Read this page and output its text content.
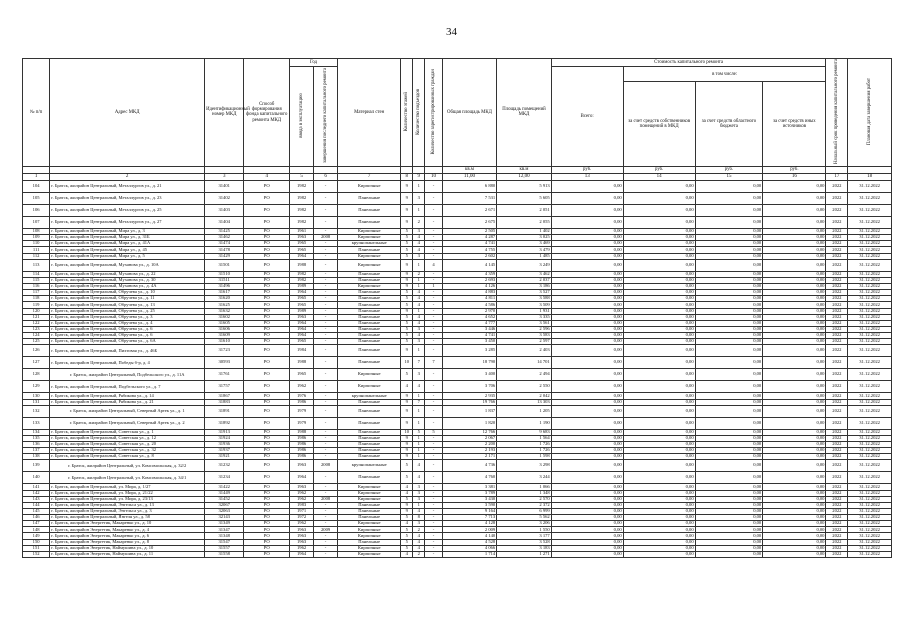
34
№ п/п	Адрес МКД	Идентификационный номер МКД	Способ формирования фонда капитального ремонта МКД	Год		Материал стен	Количество этажей	Количество подъездов	Количество зарегистрированных граждан	Общая площадь МКД	Площадь помещений МКД	Стоимость капитального ремонта				Начальный срок проведения капитального ремонта	Плановая дата завершения работ
				ввода в эксплуатацию	завершения последнего капитального ремонта							Всего:	в том числе:				
													за счет средств собственников помещений в МКД	за счет средств областного бюджета	за счет средств иных источников		
										кв.м	кв.м	руб.	руб.	руб.	руб.		
1	2	3	4	5	6	7	8	9	10	11,00	12,00	13	14	15	16	17	18
104	г. Братск, жилрайон Центральный, Металлургов ул., д. 21	31401	РО	1982	-	Кирпичные	9	1	-	6 880	5 913	0,00	0,00	0,00	0,00	2022	31.12.2022
105	г. Братск, жилрайон Центральный, Металлургов ул., д. 23	31402	РО	1982	-	Панельные	9	3	-	7 531	5 605	0,00	0,00	0,00	0,00	2022	31.12.2022
106	г. Братск, жилрайон Центральный, Металлургов ул., д. 25	31403	РО	1982	-	Панельные	9	1	-	2 671	2 051	0,00	0,00	0,00	0,00	2022	31.12.2022
107	г. Братск, жилрайон Центральный, Металлургов ул., д. 27	31404	РО	1982	-	Панельные	9	2	-	2 675	2 055	0,00	0,00	0,00	0,00	2022	31.12.2022
108	г. Братск, жилрайон Центральный, Мира ул., д. 3	31425	РО	1961	-	Кирпичные	5	3	-	2 505	1 402	0,00	0,00	0,00	0,00	2022	31.12.2022
109	г. Братск, жилрайон Центральный, Мира ул., д. 31Б	31462	РО	1963	2008	Кирпичные	5	4	-	4 287	3 025	0,00	0,00	0,00	0,00	2022	31.12.2022
110	г. Братск, жилрайон Центральный, Мира ул., д. 41А	31474	РО	1965	-	крупнопанельные	5	4	-	4 741	3 469	0,00	0,00	0,00	0,00	2022	31.12.2022
111	г. Братск, жилрайон Центральный, Мира ул., д. 45	31478	РО	1965	-	Панельные	5	4	-	4 755	3 479	0,00	0,00	0,00	0,00	2022	31.12.2022
112	г. Братск, жилрайон Центральный, Мира ул., д. 5	31429	РО	1964	-	Кирпичные	5	3	-	2 602	1 485	0,00	0,00	0,00	0,00	2022	31.12.2022
113	г. Братск, жилрайон Центральный, Муханова ул., д. 10А	31501	РО	1988	-	Кирпичные	9	1	4	4 145	3 249	0,00	0,00	0,00	0,00	2022	31.12.2022
114	г. Братск, жилрайон Центральный, Муханова ул., д. 22	31510	РО	1982	-	Панельные	9	2	-	4 359	3 462	0,00	0,00	0,00	0,00	2022	31.12.2022
115	г. Братск, жилрайон Центральный, Муханова ул., д. 30	31511	РО	1982	-	Панельные	9	1	-	2 693	2 037	0,00	0,00	0,00	0,00	2022	31.12.2022
116	г. Братск, жилрайон Центральный, Муханова ул., д. 4А	31496	РО	1989	-	Кирпичные	9	1	1	4 126	3 186	0,00	0,00	0,00	0,00	2022	31.12.2022
117	г. Братск, жилрайон Центральный, Обручева ул., д. 10	31617	РО	1964	-	Панельные	5	4	-	4 883	3 527	0,00	0,00	0,00	0,00	2022	31.12.2022
118	г. Братск, жилрайон Центральный, Обручева ул., д. 11	31620	РО	1965	-	Панельные	5	4	-	4 811	3 588	0,00	0,00	0,00	0,00	2022	31.12.2022
119	г. Братск, жилрайон Центральный, Обручева ул., д. 13	31625	РО	1965	-	Панельные	5	4	-	4 586	3 509	0,00	0,00	0,00	0,00	2022	31.12.2022
120	г. Братск, жилрайон Центральный, Обручева ул., д. 25	31632	РО	1989	-	Панельные	9	1	-	2 970	1 931	0,00	0,00	0,00	0,00	2022	31.12.2022
121	г. Братск, жилрайон Центральный, Обручева ул., д. 3	31602	РО	1963	-	Панельные	5	4	-	4 652	3 335	0,00	0,00	0,00	0,00	2022	31.12.2022
122	г. Братск, жилрайон Центральный, Обручева ул., д. 4	31605	РО	1964	-	Панельные	5	4	-	4 777	3 561	0,00	0,00	0,00	0,00	2022	31.12.2022
123	г. Братск, жилрайон Центральный, Обручева ул., д. 6	31606	РО	1964	-	Панельные	5	3	-	3 446	2 596	0,00	0,00	0,00	0,00	2022	31.12.2022
124	г. Братск, жилрайон Центральный, Обручева ул., д. 6	31609	РО	1964	-	Панельные	5	4	-	4 741	3 583	0,00	0,00	0,00	0,00	2022	31.12.2022
125	г. Братск, жилрайон Центральный, Обручева ул., д. 6А	31610	РО	1965	-	Панельные	5	3	-	3 450	2 597	0,00	0,00	0,00	0,00	2022	31.12.2022
126	г. Братск, жилрайон Центральный, Пихтовая ул., д. 46Б	31723	РО	1984	-	Панельные	9	1	-	3 285	2 403	0,00	0,00	0,00	0,00	2022	31.12.2022
127	г. Братск, жилрайон Центральный, Победы б-р, д. 4	30593	РО	1988	-	Панельные	10	7	7	18 790	14 701	0,00	0,00	0,00	0,00	2022	31.12.2022
128	г. Братск, жилрайон Центральный, Подбельского ул., д. 11А	31761	РО	1965	-	Кирпичные	5	3	-	3 400	2 494	0,00	0,00	0,00	0,00	2022	31.12.2022
129	г. Братск, жилрайон Центральный, Подбельского ул., д. 7	31757	РО	1962	-	Кирпичные	4	4	-	3 706	2 550	0,00	0,00	0,00	0,00	2022	31.12.2022
130	г. Братск, жилрайон Центральный, Рябикова ул., д. 14	31867	РО	1976	-	крупнопанельные	9	1	-	2 935	2 042	0,00	0,00	0,00	0,00	2022	31.12.2022
131	г. Братск, жилрайон Центральный, Рябикова ул., д. 21	31883	РО	1986	-	Панельные	9	7	-	19 766	13 303	0,00	0,00	0,00	0,00	2022	31.12.2022
132	г. Братск, жилрайон Центральный, Северный Артек ул., д. 1	31891	РО	1979	-	Панельные	9	1	-	1 837	1 205	0,00	0,00	0,00	0,00	2022	31.12.2022
133	г. Братск, жилрайон Центральный, Северный Артек ул., д. 2	31892	РО	1979	-	Панельные	9	1	-	1 820	1 190	0,00	0,00	0,00	0,00	2022	31.12.2022
134	г. Братск, жилрайон Центральный, Советская ул., д. 1	31913	РО	1988	-	Панельные	10	5	5	12 766	9 683	0,00	0,00	0,00	0,00	2022	31.12.2022
135	г. Братск, жилрайон Центральный, Советская ул., д. 12	31924	РО	1986	-	Панельные	9	1	-	2 067	1 564	0,00	0,00	0,00	0,00	2022	31.12.2022
136	г. Братск, жилрайон Центральный, Советская ул., д. 20	31936	РО	1986	-	Панельные	9	1	-	2 200	1 726	0,00	0,00	0,00	0,00	2022	31.12.2022
137	г. Братск, жилрайон Центральный, Советская ул., д. 32	31937	РО	1986	-	Панельные	9	1	-	2 193	1 726	0,00	0,00	0,00	0,00	2022	31.12.2022
138	г. Братск, жилрайон Центральный, Советская ул., д. 8	31921	РО	1986	-	Панельные	9	1	-	2 171	1 598	0,00	0,00	0,00	0,00	2022	31.12.2022
139	г. Братск, жилрайон Центральный, ул. Комсомольская, д. 32/2	31232	РО	1963	2008	крупнопанельные	5	4	-	4 736	3 298	0,00	0,00	0,00	0,00	2022	31.12.2022
140	г. Братск, жилрайон Центральный, ул. Комсомольская, д. 34/1	31234	РО	1964	-	Панельные	5	4	-	4 760	3 244	0,00	0,00	0,00	0,00	2022	31.12.2022
141	г. Братск, жилрайон Центральный, ул. Мира, д. 1/27	31422	РО	1963	-	Кирпичные	4	3	-	3 381	1 066	0,00	0,00	0,00	0,00	2022	31.12.2022
142	г. Братск, жилрайон Центральный, ул. Мира, д. 21/22	31449	РО	1962	-	Кирпичные	4	3	-	3 789	1 348	0,00	0,00	0,00	0,00	2022	31.12.2022
143	г. Братск, жилрайон Центральный, ул. Мира, д. 23/13	31452	РО	1962	2008	Кирпичные	5	3	-	3 430	2 570	0,00	0,00	0,00	0,00	2022	31.12.2022
144	г. Братск, жилрайон Центральный, Энгельса ул., д. 13	32067	РО	1983	-	Панельные	9	1	-	3 590	2 372	0,00	0,00	0,00	0,00	2022	31.12.2022
145	г. Братск, жилрайон Центральный, Энгельса ул., д. 3	32063	РО	1971	-	Панельные	9	4	-	9 164	6 999	0,00	0,00	0,00	0,00	2022	31.12.2022
146	г. Братск, жилрайон Центральный, Янгеля ул., д. 58	32143	РО	1972	-	Панельные	5	8	-	7 713	5 562	0,00	0,00	0,00	0,00	2022	31.12.2022
147	г. Братск, жилрайон Энергетик, Макаренко ул., д. 10	31349	РО	1962	-	Кирпичные	4	3	-	4 128	3 206	0,00	0,00	0,00	0,00	2022	31.12.2022
148	г. Братск, жилрайон Энергетик, Макаренко ул., д. 4	31347	РО	1963	2009	Кирпичные	5	2	-	2 009	1 550	0,00	0,00	0,00	0,00	2022	31.12.2022
149	г. Братск, жилрайон Энергетик, Макаренко ул., д. 6	31348	РО	1963	-	Кирпичные	5	4	-	4 140	3 177	0,00	0,00	0,00	0,00	2022	31.12.2022
150	г. Братск, жилрайон Энергетик, Макаренко ул., д. 8	31547	РО	1963	-	Панельные	5	4	-	4 528	3 528	0,00	0,00	0,00	0,00	2022	31.12.2022
151	г. Братск, жилрайон Энергетик, Наймушина ул., д. 10	31557	РО	1962	-	Кирпичные	5	4	-	4 066	3 183	0,00	0,00	0,00	0,00	2022	31.12.2022
152	г. Братск, жилрайон Энергетик, Наймушина ул., д. 11	31558	РО	1964	-	Кирпичные	4	2	-	1 714	1 271	0,00	0,00	0,00	0,00	2022	31.12.2022
